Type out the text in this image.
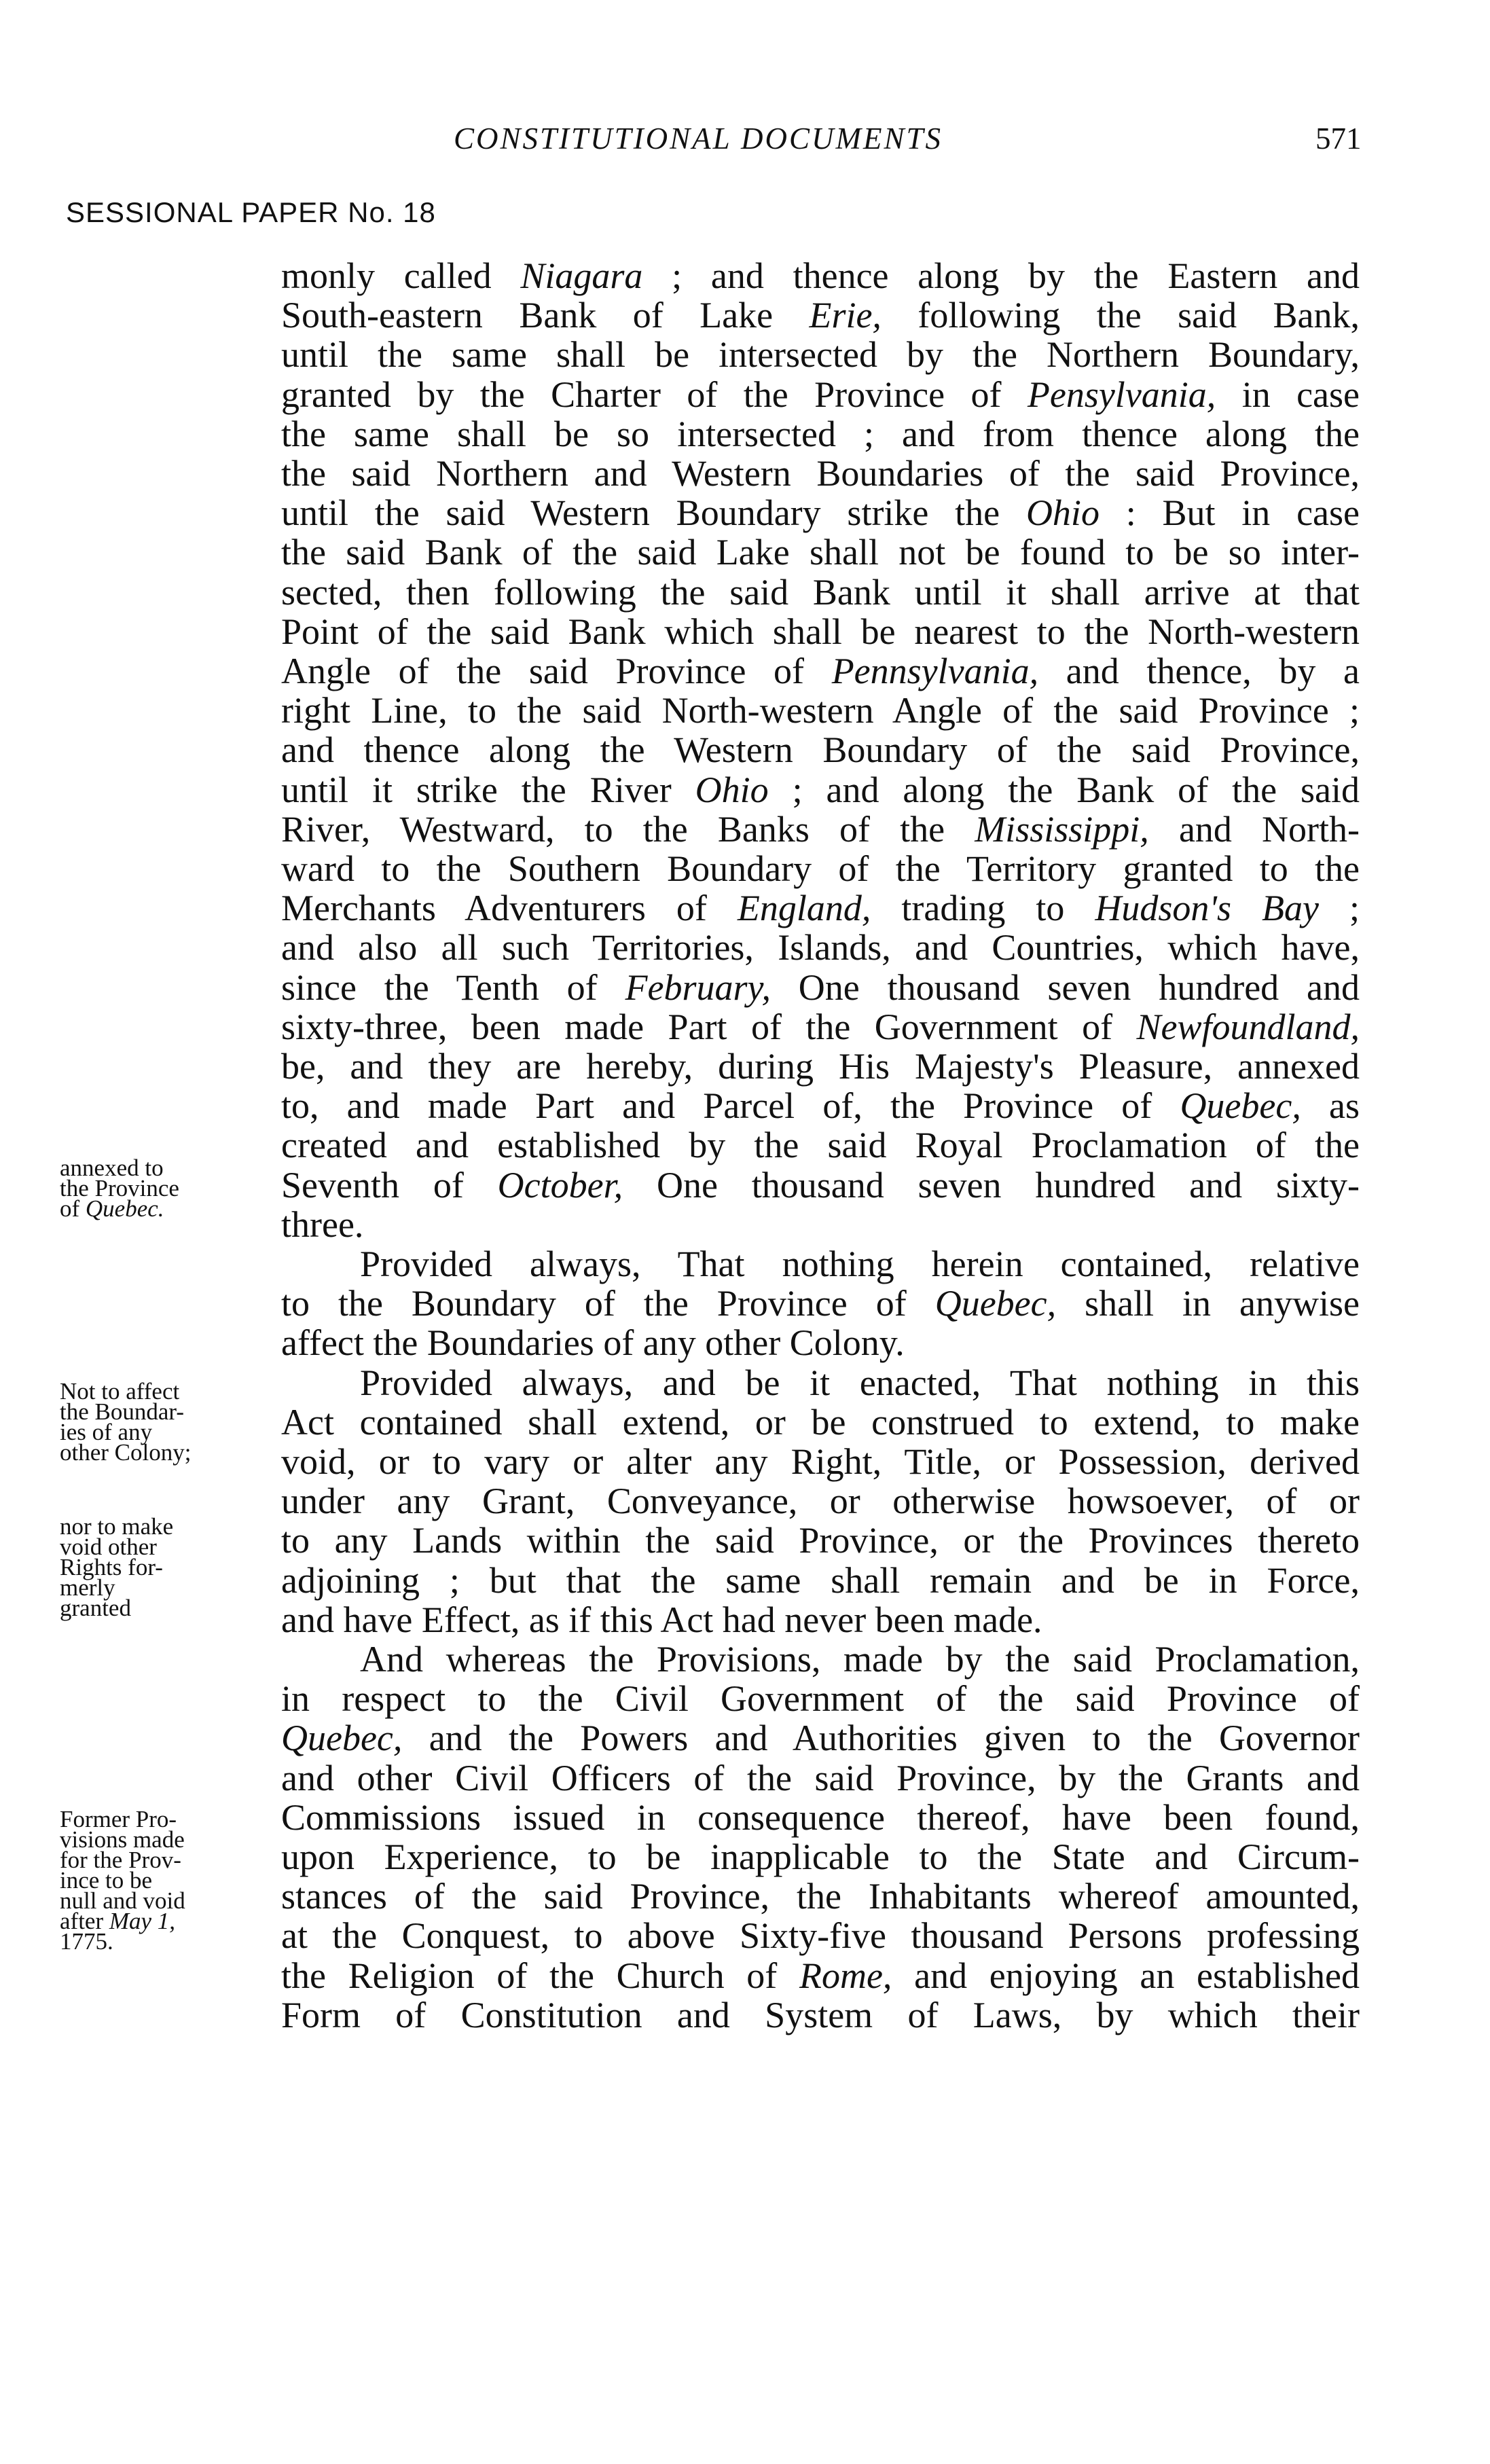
CONSTITUTIONAL DOCUMENTS	571
SESSIONAL PAPER No. 18
monly called Niagara ; and thence along by the Eastern and
South-eastern Bank of Lake Erie, following the said Bank,
until the same shall be intersected by the Northern Boundary,
granted by the Charter of the Province of Pensylvania, in case
the same shall be so intersected ; and from thence along the
the said Northern and Western Boundaries of the said Province,
until the said Western Boundary strike the Ohio : But in case
the said Bank of the said Lake shall not be found to be so inter-
sected, then following the said Bank until it shall arrive at that
Point of the said Bank which shall be nearest to the North-western
Angle of the said Province of Pennsylvania, and thence, by a
right Line, to the said North-western Angle of the said Province ;
and thence along the Western Boundary of the said Province,
until it strike the River Ohio ; and along the Bank of the said
River, Westward, to the Banks of the Mississippi, and North-
ward to the Southern Boundary of the Territory granted to the
Merchants Adventurers of England, trading to Hudson's Bay ;
and also all such Territories, Islands, and Countries, which have,
since the Tenth of February, One thousand seven hundred and
sixty-three, been made Part of the Government of Newfoundland,
be, and they are hereby, during His Majesty's Pleasure, annexed
to, and made Part and Parcel of, the Province of Quebec, as
created and established by the said Royal Proclamation of the
Seventh of October, One thousand seven hundred and sixty-
three.
Provided always, That nothing herein contained, relative
to the Boundary of the Province of Quebec, shall in anywise
affect the Boundaries of any other Colony.
Provided always, and be it enacted, That nothing in this
Act contained shall extend, or be construed to extend, to make
void, or to vary or alter any Right, Title, or Possession, derived
under any Grant, Conveyance, or otherwise howsoever, of or
to any Lands within the said Province, or the Provinces thereto
adjoining ; but that the same shall remain and be in Force,
and have Effect, as if this Act had never been made.
And whereas the Provisions, made by the said Proclamation,
in respect to the Civil Government of the said Province of
Quebec, and the Powers and Authorities given to the Governor
and other Civil Officers of the said Province, by the Grants and
Commissions issued in consequence thereof, have been found,
upon Experience, to be inapplicable to the State and Circum-
stances of the said Province, the Inhabitants whereof amounted,
at the Conquest, to above Sixty-five thousand Persons professing
the Religion of the Church of Rome, and enjoying an established
Form of Constitution and System of Laws, by which their
annexed to
the Province
of Quebec.
Not to affect
the Boundar-
ies of any
other Colony;
nor to make
void other
Rights for-
merly
granted
Former Pro-
visions made
for the Prov-
ince to be
null and void
after May 1,
1775.
